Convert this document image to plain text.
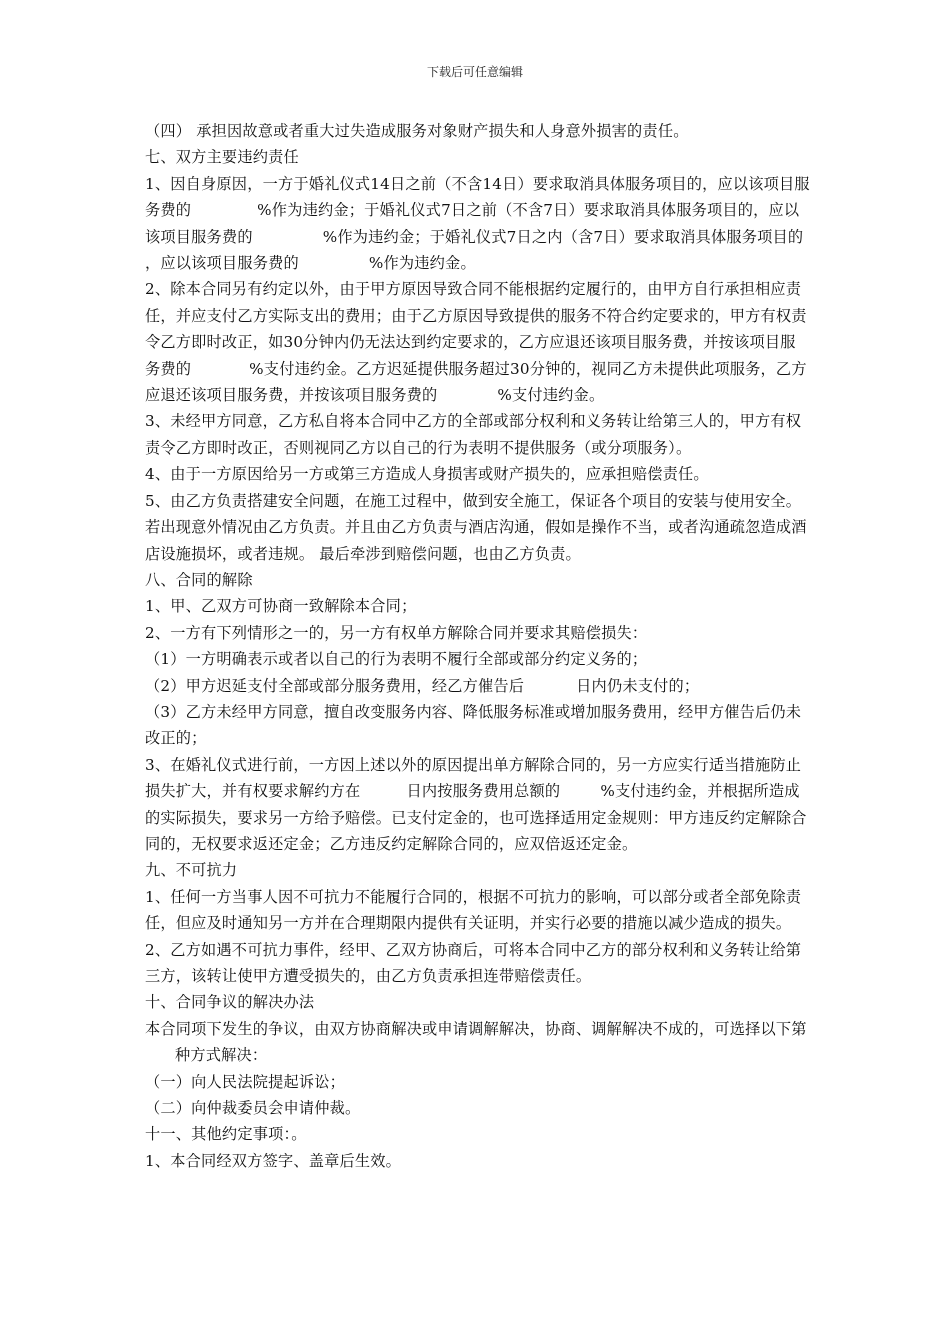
下载后可任意编辑

（四） 承担因故意或者重大过失造成服务对象财产损失和人身意外损害的责任。

七、双方主要违约责任

1、因自身原因，一方于婚礼仪式14日之前（不含14日）要求取消具体服务项目的，应以该项目服务费的	%作为违约金；于婚礼仪式7日之前（不含7日）要求取消具体服务项目的，应以该项目服务费的	%作为违约金；于婚礼仪式7日之内（含7日）要求取消具体服务项目的，应以该项目服务费的	%作为违约金。

2、除本合同另有约定以外，由于甲方原因导致合同不能根据约定履行的，由甲方自行承担相应责任，并应支付乙方实际支出的费用；由于乙方原因导致提供的服务不符合约定要求的，甲方有权责令乙方即时改正，如30分钟内仍无法达到约定要求的，乙方应退还该项目服务费，并按该项目服务费的	%支付违约金。乙方迟延提供服务超过30分钟的，视同乙方未提供此项服务，乙方应退还该项目服务费，并按该项目服务费的	%支付违约金。

3、未经甲方同意，乙方私自将本合同中乙方的全部或部分权利和义务转让给第三人的，甲方有权责令乙方即时改正，否则视同乙方以自己的行为表明不提供服务（或分项服务）。

4、由于一方原因给另一方或第三方造成人身损害或财产损失的，应承担赔偿责任。

5、由乙方负责搭建安全问题，在施工过程中，做到安全施工，保证各个项目的安装与使用安全。若出现意外情况由乙方负责。并且由乙方负责与酒店沟通，假如是操作不当，或者沟通疏忽造成酒店设施损坏，或者违规。 最后牵涉到赔偿问题，也由乙方负责。

八、合同的解除

1、甲、乙双方可协商一致解除本合同；

2、一方有下列情形之一的，另一方有权单方解除合同并要求其赔偿损失：

（1）一方明确表示或者以自己的行为表明不履行全部或部分约定义务的；

（2）甲方迟延支付全部或部分服务费用，经乙方催告后	日内仍未支付的；

（3）乙方未经甲方同意，擅自改变服务内容、降低服务标准或增加服务费用，经甲方催告后仍未改正的；

3、在婚礼仪式进行前，一方因上述以外的原因提出单方解除合同的，另一方应实行适当措施防止损失扩大，并有权要求解约方在	日内按服务费用总额的	%支付违约金，并根据所造成的实际损失，要求另一方给予赔偿。已支付定金的，也可选择适用定金规则：甲方违反约定解除合同的，无权要求返还定金；乙方违反约定解除合同的，应双倍返还定金。

九、不可抗力

1、任何一方当事人因不可抗力不能履行合同的，根据不可抗力的影响，可以部分或者全部免除责任，但应及时通知另一方并在合理期限内提供有关证明，并实行必要的措施以减少造成的损失。

2、乙方如遇不可抗力事件，经甲、乙双方协商后，可将本合同中乙方的部分权利和义务转让给第三方，该转让使甲方遭受损失的，由乙方负责承担连带赔偿责任。

十、合同争议的解决办法

本合同项下发生的争议，由双方协商解决或申请调解解决，协商、调解解决不成的，可选择以下第种方式解决：

（一）向人民法院提起诉讼；

（二）向仲裁委员会申请仲裁。

十一、其他约定事项：。

1、本合同经双方签字、盖章后生效。
